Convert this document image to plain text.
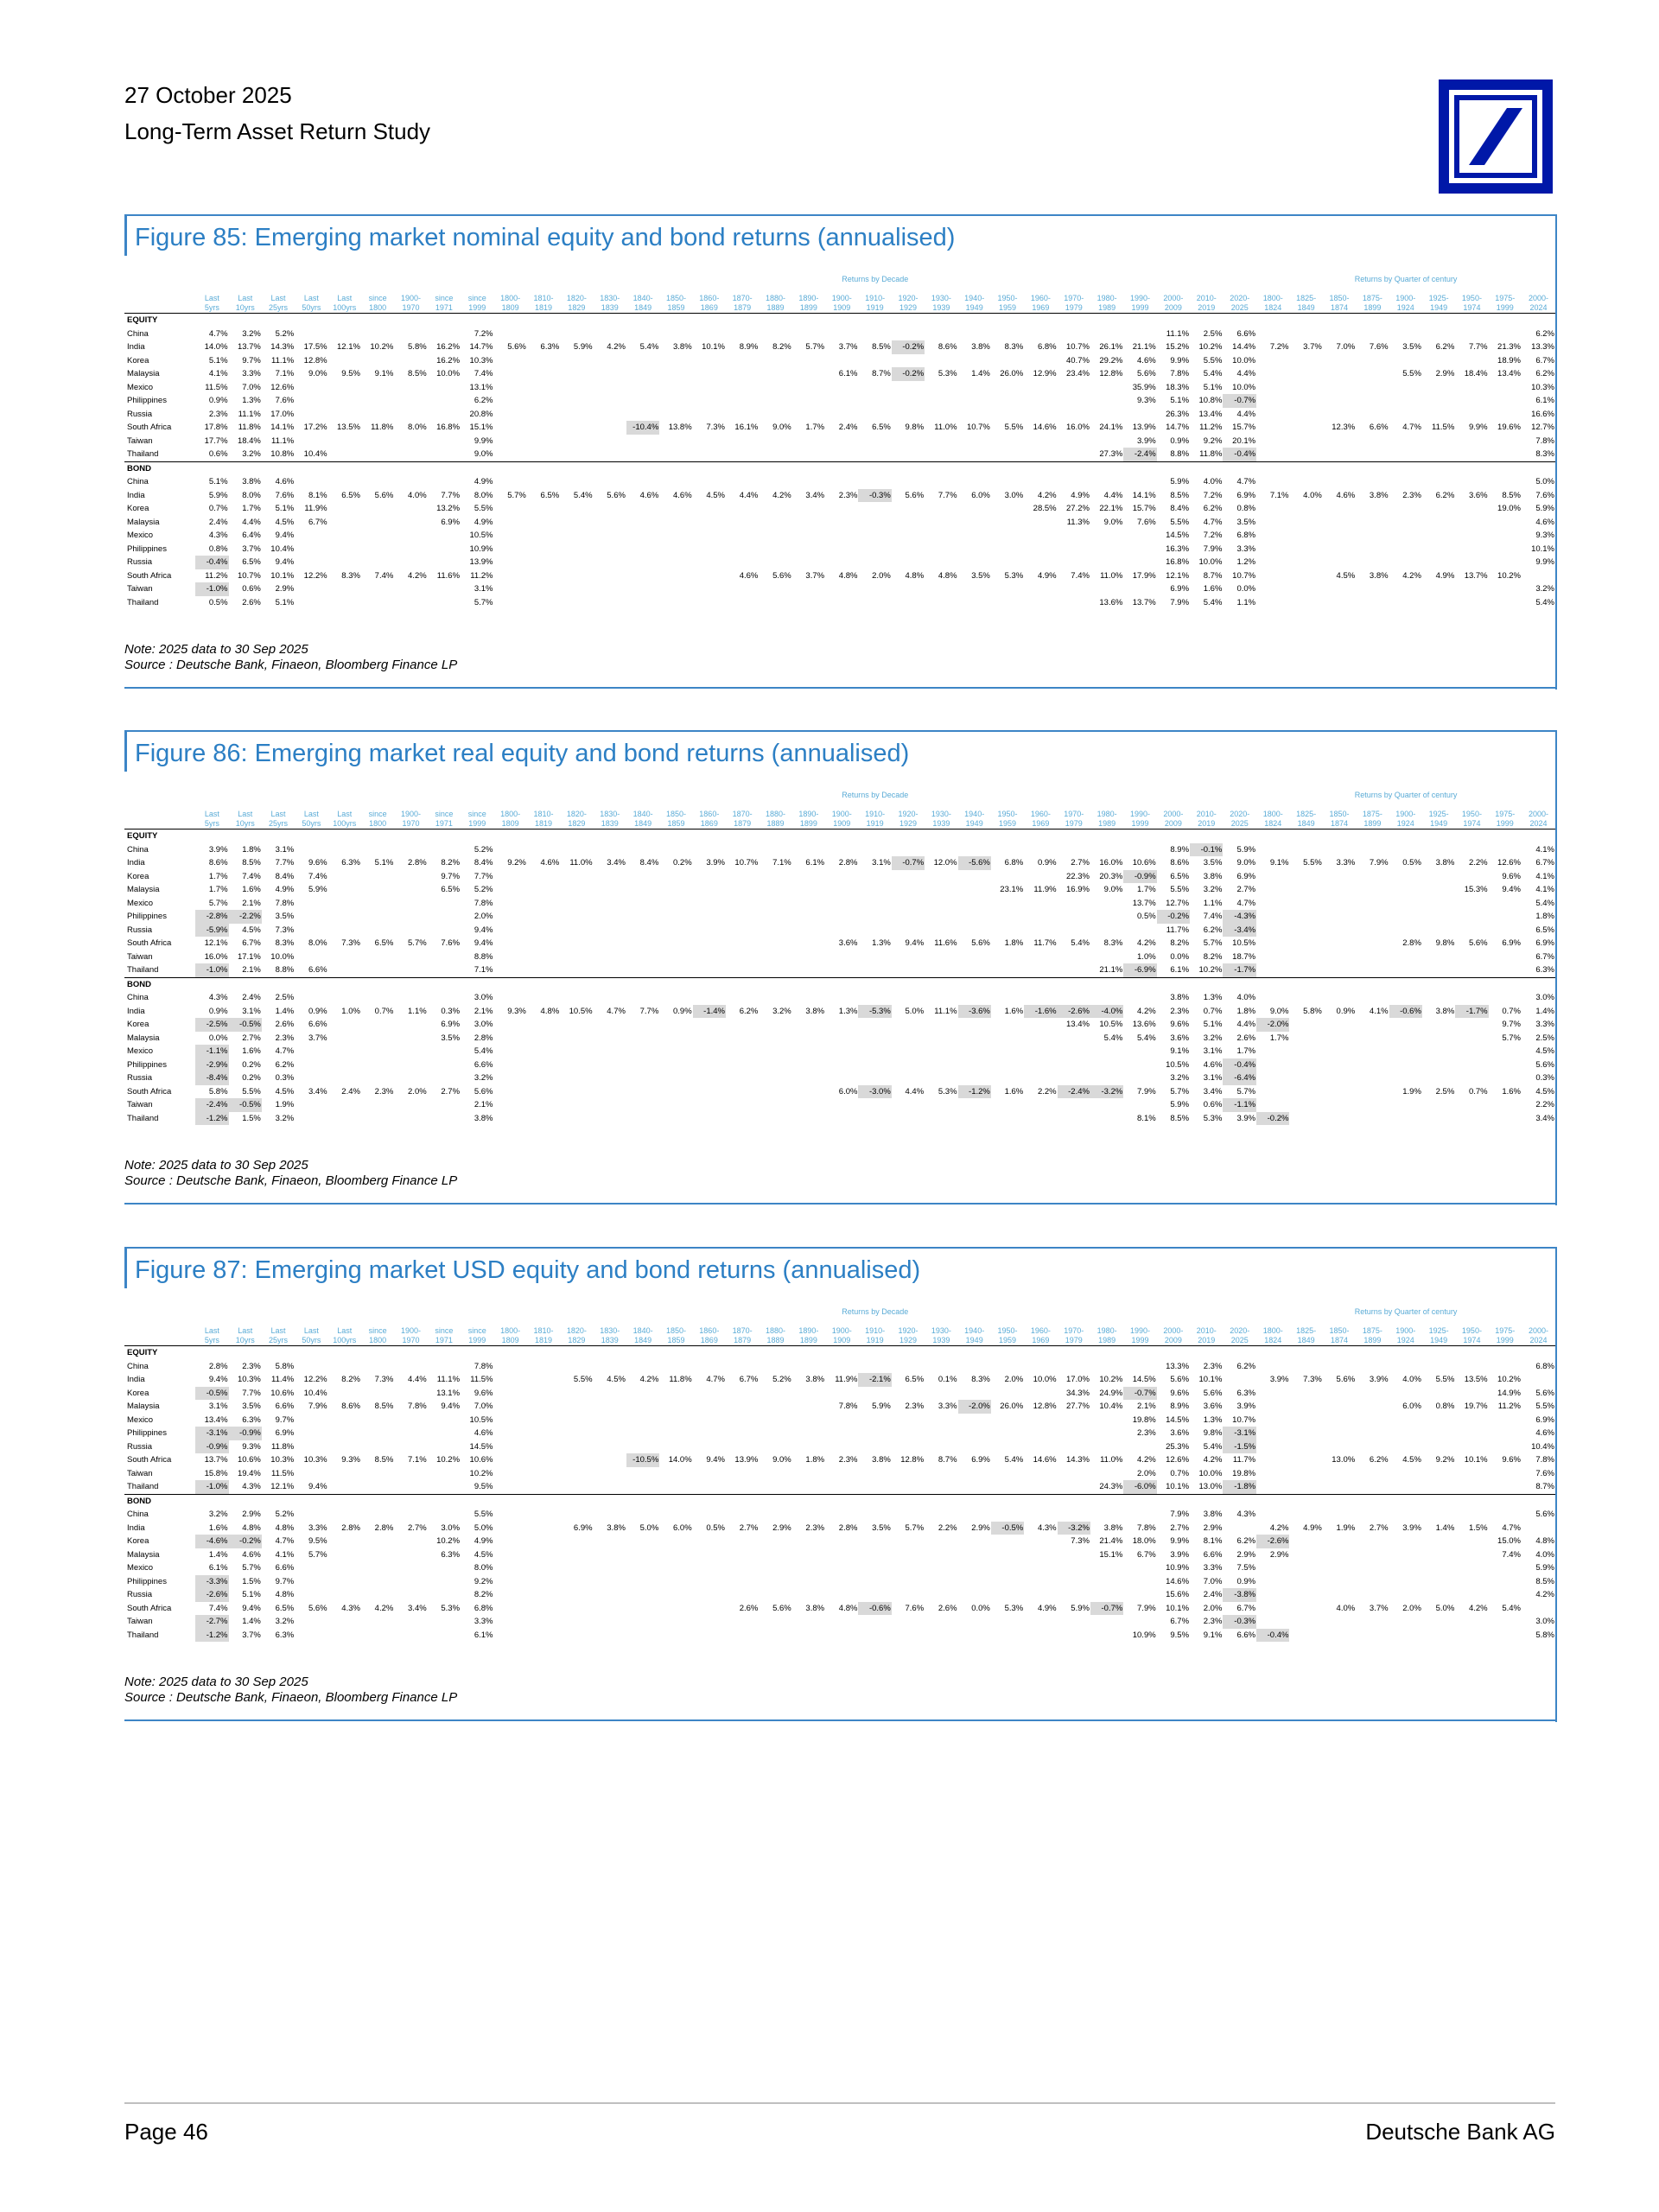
27 October 2025
Long-Term Asset Return Study
Figure 85: Emerging market nominal equity and bond returns (annualised)
										Returns by Decade																							Returns by Quarter of century								
	Last 5yrs	Last 10yrs	Last 25yrs	Last 50yrs	Last 100yrs	since 1800	1900- 1970	since 1971	since 1999	1800- 1809	1810- 1819	1820- 1829	1830- 1839	1840- 1849	1850- 1859	1860- 1869	1870- 1879	1880- 1889	1890- 1899	1900- 1909	1910- 1919	1920- 1929	1930- 1939	1940- 1949	1950- 1959	1960- 1969	1970- 1979	1980- 1989	1990- 1999	2000- 2009	2010- 2019	2020- 2025	1800- 1824	1825- 1849	1850- 1874	1875- 1899	1900- 1924	1925- 1949	1950- 1974	1975- 1999	2000- 2024
EQUITY																																									
China	4.7%	3.2%	5.2%						7.2%																					11.1%	2.5%	6.6%									6.2%
India	14.0%	13.7%	14.3%	17.5%	12.1%	10.2%	5.8%	16.2%	14.7%	5.6%	6.3%	5.9%	4.2%	5.4%	3.8%	10.1%	8.9%	8.2%	5.7%	3.7%	8.5%	-0.2%	8.6%	3.8%	8.3%	6.8%	10.7%	26.1%	21.1%	15.2%	10.2%	14.4%	7.2%	3.7%	7.0%	7.6%	3.5%	6.2%	7.7%	21.3%	13.3%
Korea	5.1%	9.7%	11.1%	12.8%				16.2%	10.3%																		40.7%	29.2%	4.6%	9.9%	5.5%	10.0%								18.9%	6.7%
Malaysia	4.1%	3.3%	7.1%	9.0%	9.5%	9.1%	8.5%	10.0%	7.4%											6.1%	8.7%	-0.2%	5.3%	1.4%	26.0%	12.9%	23.4%	12.8%	5.6%	7.8%	5.4%	4.4%					5.5%	2.9%	18.4%	13.4%	6.2%
Mexico	11.5%	7.0%	12.6%						13.1%																				35.9%	18.3%	5.1%	10.0%									10.3%
Philippines	0.9%	1.3%	7.6%						6.2%																				9.3%	5.1%	10.8%	-0.7%									6.1%
Russia	2.3%	11.1%	17.0%						20.8%																					26.3%	13.4%	4.4%									16.6%
South Africa	17.8%	11.8%	14.1%	17.2%	13.5%	11.8%	8.0%	16.8%	15.1%					-10.4%	13.8%	7.3%	16.1%	9.0%	1.7%	2.4%	6.5%	9.8%	11.0%	10.7%	5.5%	14.6%	16.0%	24.1%	13.9%	14.7%	11.2%	15.7%			12.3%	6.6%	4.7%	11.5%	9.9%	19.6%	12.7%
Taiwan	17.7%	18.4%	11.1%						9.9%																				3.9%	0.9%	9.2%	20.1%									7.8%
Thailand	0.6%	3.2%	10.8%	10.4%					9.0%																			27.3%	-2.4%	8.8%	11.8%	-0.4%									8.3%
BOND																																									
China	5.1%	3.8%	4.6%						4.9%																					5.9%	4.0%	4.7%									5.0%
India	5.9%	8.0%	7.6%	8.1%	6.5%	5.6%	4.0%	7.7%	8.0%	5.7%	6.5%	5.4%	5.6%	4.6%	4.6%	4.5%	4.4%	4.2%	3.4%	2.3%	-0.3%	5.6%	7.7%	6.0%	3.0%	4.2%	4.9%	4.4%	14.1%	8.5%	7.2%	6.9%	7.1%	4.0%	4.6%	3.8%	2.3%	6.2%	3.6%	8.5%	7.6%
Korea	0.7%	1.7%	5.1%	11.9%				13.2%	5.5%																	28.5%	27.2%	22.1%	15.7%	8.4%	6.2%	0.8%								19.0%	5.9%
Malaysia	2.4%	4.4%	4.5%	6.7%				6.9%	4.9%																		11.3%	9.0%	7.6%	5.5%	4.7%	3.5%									4.6%
Mexico	4.3%	6.4%	9.4%						10.5%																					14.5%	7.2%	6.8%									9.3%
Philippines	0.8%	3.7%	10.4%						10.9%																					16.3%	7.9%	3.3%									10.1%
Russia	-0.4%	6.5%	9.4%						13.9%																					16.8%	10.0%	1.2%									9.9%
South Africa	11.2%	10.7%	10.1%	12.2%	8.3%	7.4%	4.2%	11.6%	11.2%								4.6%	5.6%	3.7%	4.8%	2.0%	4.8%	4.8%	3.5%	5.3%	4.9%	7.4%	11.0%	17.9%	12.1%	8.7%	10.7%			4.5%	3.8%	4.2%	4.9%	13.7%	10.2%	
Taiwan	-1.0%	0.6%	2.9%						3.1%																					6.9%	1.6%	0.0%									3.2%
Thailand	0.5%	2.6%	5.1%						5.7%																			13.6%	13.7%	7.9%	5.4%	1.1%									5.4%
Note: 2025 data to 30 Sep 2025
Source : Deutsche Bank, Finaeon, Bloomberg Finance LP
Figure 86: Emerging market real equity and bond returns (annualised)
										Returns by Decade																							Returns by Quarter of century								
	Last 5yrs	Last 10yrs	Last 25yrs	Last 50yrs	Last 100yrs	since 1800	1900- 1970	since 1971	since 1999	1800- 1809	1810- 1819	1820- 1829	1830- 1839	1840- 1849	1850- 1859	1860- 1869	1870- 1879	1880- 1889	1890- 1899	1900- 1909	1910- 1919	1920- 1929	1930- 1939	1940- 1949	1950- 1959	1960- 1969	1970- 1979	1980- 1989	1990- 1999	2000- 2009	2010- 2019	2020- 2025	1800- 1824	1825- 1849	1850- 1874	1875- 1899	1900- 1924	1925- 1949	1950- 1974	1975- 1999	2000- 2024
EQUITY																																									
China	3.9%	1.8%	3.1%						5.2%																					8.9%	-0.1%	5.9%									4.1%
India	8.6%	8.5%	7.7%	9.6%	6.3%	5.1%	2.8%	8.2%	8.4%	9.2%	4.6%	11.0%	3.4%	8.4%	0.2%	3.9%	10.7%	7.1%	6.1%	2.8%	3.1%	-0.7%	12.0%	-5.6%	6.8%	0.9%	2.7%	16.0%	10.6%	8.6%	3.5%	9.0%	9.1%	5.5%	3.3%	7.9%	0.5%	3.8%	2.2%	12.6%	6.7%
Korea	1.7%	7.4%	8.4%	7.4%				9.7%	7.7%																		22.3%	20.3%	-0.9%	6.5%	3.8%	6.9%								9.6%	4.1%
Malaysia	1.7%	1.6%	4.9%	5.9%				6.5%	5.2%																23.1%	11.9%	16.9%	9.0%	1.7%	5.5%	3.2%	2.7%							15.3%	9.4%	4.1%
Mexico	5.7%	2.1%	7.8%						7.8%																				13.7%	12.7%	1.1%	4.7%									5.4%
Philippines	-2.8%	-2.2%	3.5%						2.0%																				0.5%	-0.2%	7.4%	-4.3%									1.8%
Russia	-5.9%	4.5%	7.3%						9.4%																					11.7%	6.2%	-3.4%									6.5%
South Africa	12.1%	6.7%	8.3%	8.0%	7.3%	6.5%	5.7%	7.6%	9.4%											3.6%	1.3%	9.4%	11.6%	5.6%	1.8%	11.7%	5.4%	8.3%	4.2%	8.2%	5.7%	10.5%					2.8%	9.8%	5.6%	6.9%	6.9%
Taiwan	16.0%	17.1%	10.0%						8.8%																				1.0%	0.0%	8.2%	18.7%									6.7%
Thailand	-1.0%	2.1%	8.8%	6.6%					7.1%																			21.1%	-6.9%	6.1%	10.2%	-1.7%									6.3%
BOND																																									
China	4.3%	2.4%	2.5%						3.0%																					3.8%	1.3%	4.0%									3.0%
India	0.9%	3.1%	1.4%	0.9%	1.0%	0.7%	1.1%	0.3%	2.1%	9.3%	4.8%	10.5%	4.7%	7.7%	0.9%	-1.4%	6.2%	3.2%	3.8%	1.3%	-5.3%	5.0%	11.1%	-3.6%	1.6%	-1.6%	-2.6%	-4.0%	4.2%	2.3%	0.7%	1.8%	9.0%	5.8%	0.9%	4.1%	-0.6%	3.8%	-1.7%	0.7%	1.4%
Korea	-2.5%	-0.5%	2.6%	6.6%				6.9%	3.0%																		13.4%	10.5%	13.6%	9.6%	5.1%	4.4%	-2.0%							9.7%	3.3%
Malaysia	0.0%	2.7%	2.3%	3.7%				3.5%	2.8%																			5.4%	5.4%	3.6%	3.2%	2.6%	1.7%							5.7%	2.5%
Mexico	-1.1%	1.6%	4.7%						5.4%																					9.1%	3.1%	1.7%									4.5%
Philippines	-2.9%	0.2%	6.2%						6.6%																					10.5%	4.6%	-0.4%									5.6%
Russia	-8.4%	0.2%	0.3%						3.2%																					3.2%	3.1%	-6.4%									0.3%
South Africa	5.8%	5.5%	4.5%	3.4%	2.4%	2.3%	2.0%	2.7%	5.6%											6.0%	-3.0%	4.4%	5.3%	-1.2%	1.6%	2.2%	-2.4%	-3.2%	7.9%	5.7%	3.4%	5.7%					1.9%	2.5%	0.7%	1.6%	4.5%
Taiwan	-2.4%	-0.5%	1.9%						2.1%																					5.9%	0.6%	-1.1%									2.2%
Thailand	-1.2%	1.5%	3.2%						3.8%																				8.1%	8.5%	5.3%	3.9%	-0.2%								3.4%
Note: 2025 data to 30 Sep 2025
Source : Deutsche Bank, Finaeon, Bloomberg Finance LP
Figure 87: Emerging market USD equity and bond returns (annualised)
										Returns by Decade																							Returns by Quarter of century								
	Last 5yrs	Last 10yrs	Last 25yrs	Last 50yrs	Last 100yrs	since 1800	1900- 1970	since 1971	since 1999	1800- 1809	1810- 1819	1820- 1829	1830- 1839	1840- 1849	1850- 1859	1860- 1869	1870- 1879	1880- 1889	1890- 1899	1900- 1909	1910- 1919	1920- 1929	1930- 1939	1940- 1949	1950- 1959	1960- 1969	1970- 1979	1980- 1989	1990- 1999	2000- 2009	2010- 2019	2020- 2025	1800- 1824	1825- 1849	1850- 1874	1875- 1899	1900- 1924	1925- 1949	1950- 1974	1975- 1999	2000- 2024
EQUITY																																									
China	2.8%	2.3%	5.8%						7.8%																					13.3%	2.3%	6.2%									6.8%
India	9.4%	10.3%	11.4%	12.2%	8.2%	7.3%	4.4%	11.1%	11.5%			5.5%	4.5%	4.2%	11.8%	4.7%	6.7%	5.2%	3.8%	11.9%	-2.1%	6.5%	0.1%	8.3%	2.0%	10.0%	17.0%	10.2%	14.5%	5.6%	10.1%		3.9%	7.3%	5.6%	3.9%	4.0%	5.5%	13.5%	10.2%	
Korea	-0.5%	7.7%	10.6%	10.4%				13.1%	9.6%																		34.3%	24.9%	-0.7%	9.6%	5.6%	6.3%								14.9%	5.6%
Malaysia	3.1%	3.5%	6.6%	7.9%	8.6%	8.5%	7.8%	9.4%	7.0%											7.8%	5.9%	2.3%	3.3%	-2.0%	26.0%	12.8%	27.7%	10.4%	2.1%	8.9%	3.6%	3.9%					6.0%	0.8%	19.7%	11.2%	5.5%
Mexico	13.4%	6.3%	9.7%						10.5%																				19.8%	14.5%	1.3%	10.7%									6.9%
Philippines	-3.1%	-0.9%	6.9%						4.6%																				2.3%	3.6%	9.8%	-3.1%									4.6%
Russia	-0.9%	9.3%	11.8%						14.5%																					25.3%	5.4%	-1.5%									10.4%
South Africa	13.7%	10.6%	10.3%	10.3%	9.3%	8.5%	7.1%	10.2%	10.6%					-10.5%	14.0%	9.4%	13.9%	9.0%	1.8%	2.3%	3.8%	12.8%	8.7%	6.9%	5.4%	14.6%	14.3%	11.0%	4.2%	12.6%	4.2%	11.7%			13.0%	6.2%	4.5%	9.2%	10.1%	9.6%	7.8%
Taiwan	15.8%	19.4%	11.5%						10.2%																				2.0%	0.7%	10.0%	19.8%									7.6%
Thailand	-1.0%	4.3%	12.1%	9.4%					9.5%																			24.3%	-6.0%	10.1%	13.0%	-1.8%									8.7%
BOND																																									
China	3.2%	2.9%	5.2%						5.5%																					7.9%	3.8%	4.3%									5.6%
India	1.6%	4.8%	4.8%	3.3%	2.8%	2.8%	2.7%	3.0%	5.0%			6.9%	3.8%	5.0%	6.0%	0.5%	2.7%	2.9%	2.3%	2.8%	3.5%	5.7%	2.2%	2.9%	-0.5%	4.3%	-3.2%	3.8%	7.8%	2.7%	2.9%		4.2%	4.9%	1.9%	2.7%	3.9%	1.4%	1.5%	4.7%	
Korea	-4.6%	-0.2%	4.7%	9.5%				10.2%	4.9%																		7.3%	21.4%	18.0%	9.9%	8.1%	6.2%	-2.6%							15.0%	4.8%
Malaysia	1.4%	4.6%	4.1%	5.7%				6.3%	4.5%																			15.1%	6.7%	3.9%	6.6%	2.9%	2.9%							7.4%	4.0%
Mexico	6.1%	5.7%	6.6%						8.0%																					10.9%	3.3%	7.5%									5.9%
Philippines	-3.3%	1.5%	9.7%						9.2%																					14.6%	7.0%	0.9%									8.5%
Russia	-2.6%	5.1%	4.8%						8.2%																					15.6%	2.4%	-3.8%									4.2%
South Africa	7.4%	9.4%	6.5%	5.6%	4.3%	4.2%	3.4%	5.3%	6.8%								2.6%	5.6%	3.8%	4.8%	-0.6%	7.6%	2.6%	0.0%	5.3%	4.9%	5.9%	-0.7%	7.9%	10.1%	2.0%	6.7%			4.0%	3.7%	2.0%	5.0%	4.2%	5.4%	
Taiwan	-2.7%	1.4%	3.2%						3.3%																					6.7%	2.3%	-0.3%									3.0%
Thailand	-1.2%	3.7%	6.3%						6.1%																				10.9%	9.5%	9.1%	6.6%	-0.4%								5.8%
Note: 2025 data to 30 Sep 2025
Source : Deutsche Bank, Finaeon, Bloomberg Finance LP
Page 46	Deutsche Bank AG
